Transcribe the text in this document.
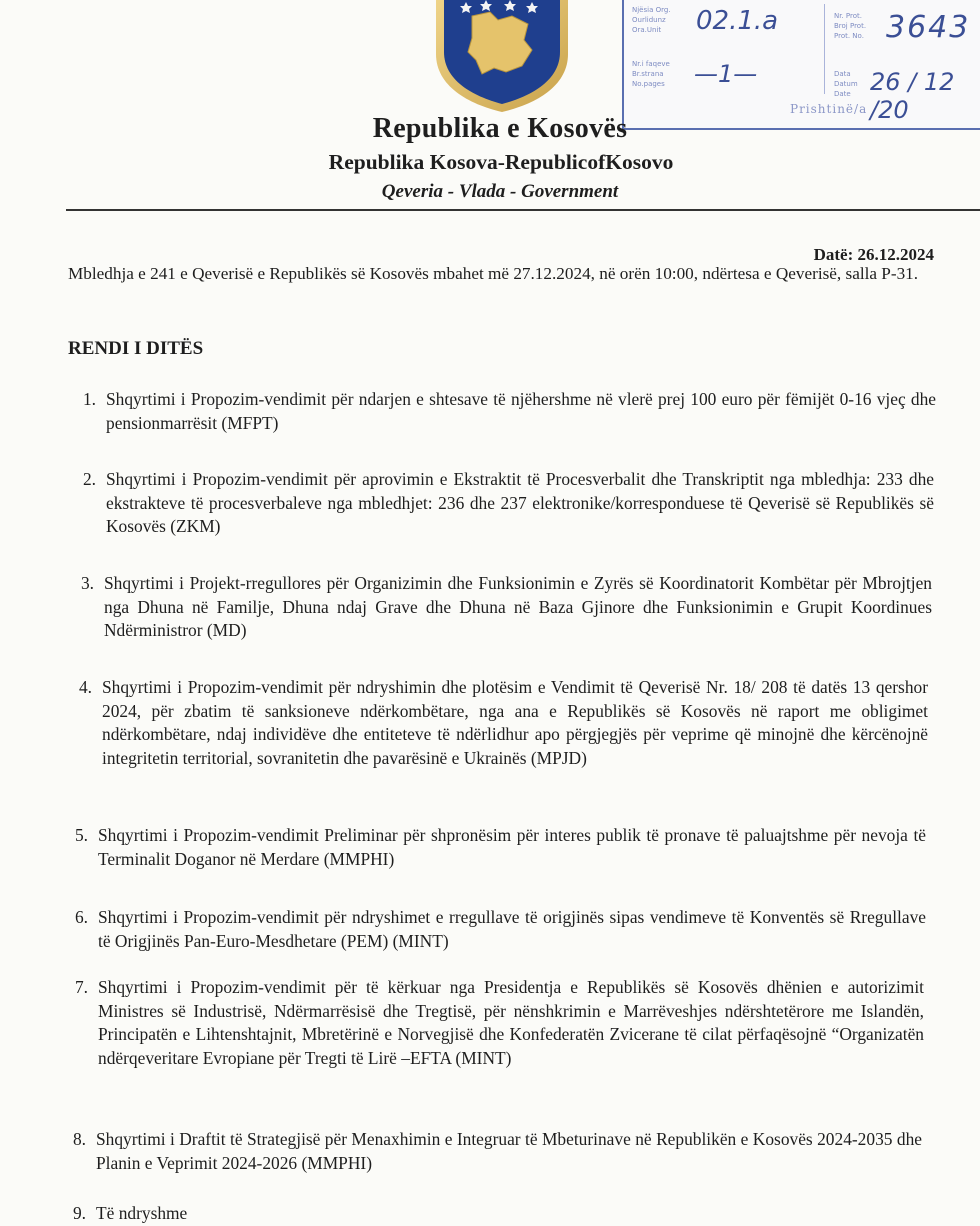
Njësia Org.
Ourlidunz
Ora.Unit 02.1.a
Nr.i faqeve
Br.strana
No.pages —1—
Nr. Prot.
Broj Prot.
Prot. No. 3643
Data
Datum
Date 26 / 12 /20
Prishtinë/a
Republika e Kosovës
Republika Kosova-RepublicofKosovo
Qeveria - Vlada - Government
Datë: 26.12.2024
Mbledhja e 241 e Qeverisë e Republikës së Kosovës mbahet më 27.12.2024, në orën 10:00, ndërtesa e Qeverisë, salla P-31.
RENDI I DITËS
1. Shqyrtimi i Propozim-vendimit për ndarjen e shtesave të njëhershme në vlerë prej 100 euro për fëmijët 0-16 vjeç dhe pensionmarrësit (MFPT)
2. Shqyrtimi i Propozim-vendimit për aprovimin e Ekstraktit të Procesverbalit dhe Transkriptit nga mbledhja: 233 dhe ekstrakteve të procesverbaleve nga mbledhjet: 236 dhe 237 elektronike/korresponduese të Qeverisë së Republikës së Kosovës (ZKM)
3. Shqyrtimi i Projekt-rregullores për Organizimin dhe Funksionimin e Zyrës së Koordinatorit Kombëtar për Mbrojtjen nga Dhuna në Familje, Dhuna ndaj Grave dhe Dhuna në Baza Gjinore dhe Funksionimin e Grupit Koordinues Ndërministror (MD)
4. Shqyrtimi i Propozim-vendimit për ndryshimin dhe plotësim e Vendimit të Qeverisë Nr. 18/ 208 të datës 13 qershor 2024, për zbatim të sanksioneve ndërkombëtare, nga ana e Republikës së Kosovës në raport me obligimet ndërkombëtare, ndaj individëve dhe entiteteve të ndërlidhur apo përgjegjës për veprime që minojnë dhe kërcënojnë integritetin territorial, sovranitetin dhe pavarësinë e Ukrainës (MPJD)
5. Shqyrtimi i Propozim-vendimit Preliminar për shpronësim për interes publik të pronave të paluajtshme për nevoja të Terminalit Doganor në Merdare (MMPHI)
6. Shqyrtimi i Propozim-vendimit për ndryshimet e rregullave të origjinës sipas vendimeve të Konventës së Rregullave të Origjinës Pan-Euro-Mesdhetare (PEM) (MINT)
7. Shqyrtimi i Propozim-vendimit për të kërkuar nga Presidentja e Republikës së Kosovës dhënien e autorizimit Ministres së Industrisë, Ndërmarrësisë dhe Tregtisë, për nënshkrimin e Marrëveshjes ndërshtetërore me Islandën, Principatën e Lihtenshtajnit, Mbretërinë e Norvegjisë dhe Konfederatën Zvicerane të cilat përfaqësojnë “Organizatën ndërqeveritare Evropiane për Tregti të Lirë –EFTA (MINT)
8. Shqyrtimi i Draftit të Strategjisë për Menaxhimin e Integruar të Mbeturinave në Republikën e Kosovës 2024-2035 dhe Planin e Veprimit 2024-2026 (MMPHI)
9. Të ndryshme
